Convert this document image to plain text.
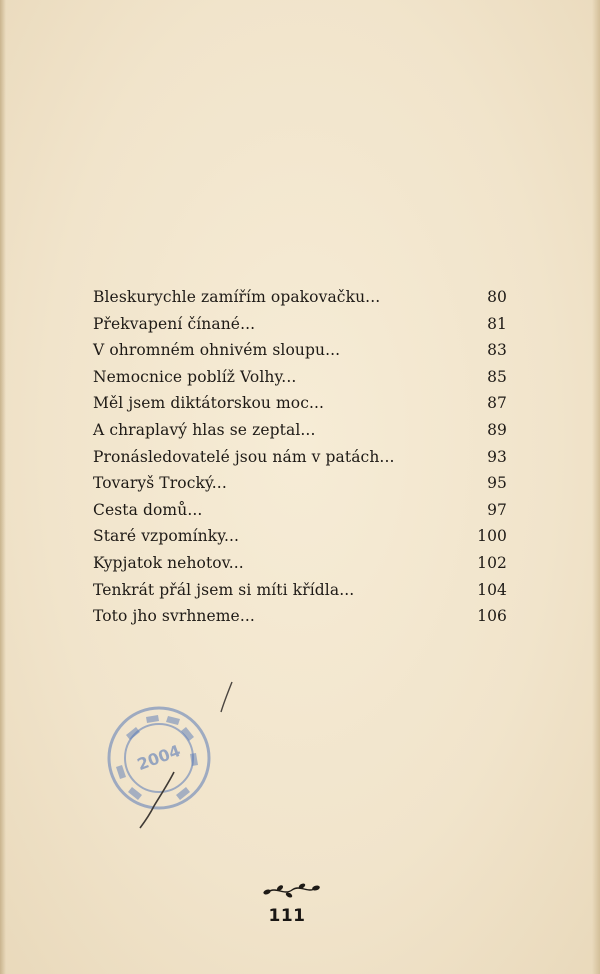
Bleskurychle zamířím opakovačku...	80
Překvapení čínané...	81
V ohromném ohnivém sloupu...	83
Nemocnice poblíž Volhy...	85
Měl jsem diktátorskou moc...	87
A chraplavý hlas se zeptal...	89
Pronásledovatelé jsou nám v patách...	93
Tovaryš Trocký...	95
Cesta domů...	97
Staré vzpomínky...	100
Kypjatok nehotov...	102
Tenkrát přál jsem si míti křídla...	104
Toto jho svrhneme...	106
2004
111
